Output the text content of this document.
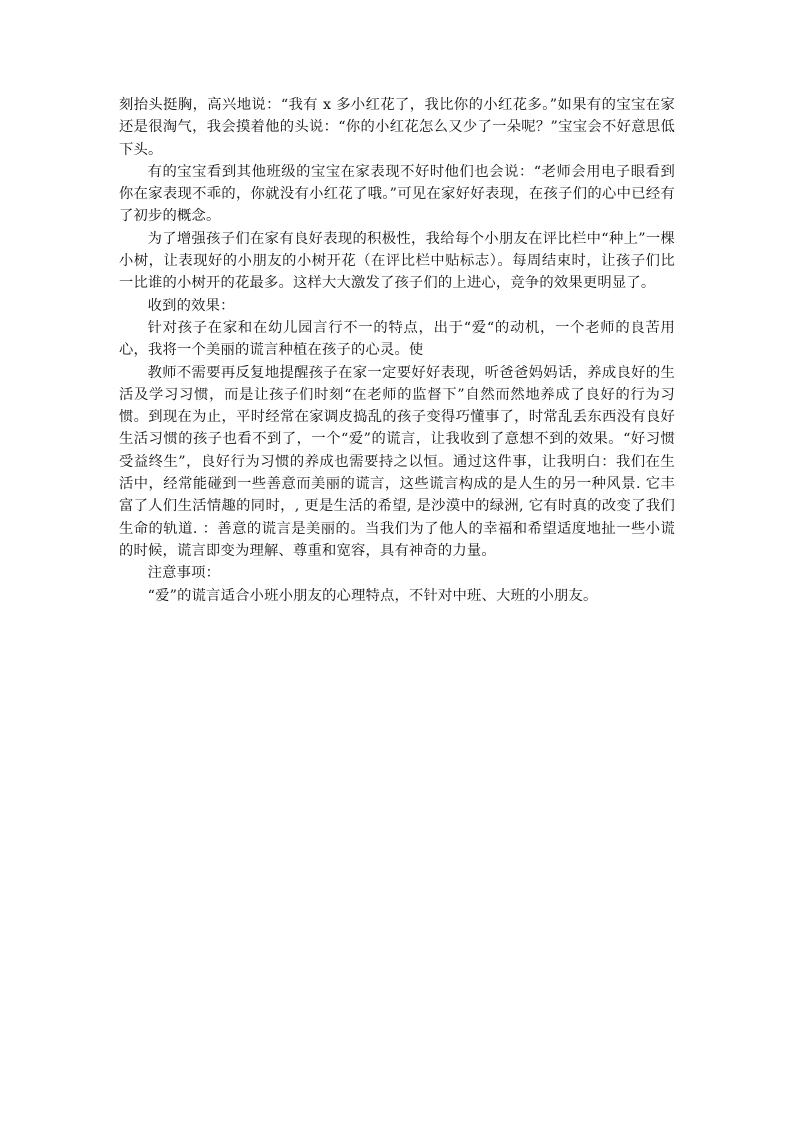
刻抬头挺胸，高兴地说：“我有 x 多小红花了，我比你的小红花多。”如果有的宝宝在家还是很淘气，我会摸着他的头说：“你的小红花怎么又少了一朵呢？”宝宝会不好意思低下头。

有的宝宝看到其他班级的宝宝在家表现不好时他们也会说：“老师会用电子眼看到你在家表现不乖的，你就没有小红花了哦。”可见在家好好表现，在孩子们的心中已经有了初步的概念。

为了增强孩子们在家有良好表现的积极性，我给每个小朋友在评比栏中“种上”一棵小树，让表现好的小朋友的小树开花（在评比栏中贴标志）。每周结束时，让孩子们比一比谁的小树开的花最多。这样大大激发了孩子们的上进心，竞争的效果更明显了。

收到的效果：

针对孩子在家和在幼儿园言行不一的特点，出于“爱“的动机，一个老师的良苦用心，我将一个美丽的谎言种植在孩子的心灵。使

教师不需要再反复地提醒孩子在家一定要好好表现，听爸爸妈妈话，养成良好的生活及学习习惯，而是让孩子们时刻“在老师的监督下”自然而然地养成了良好的行为习惯。到现在为止，平时经常在家调皮捣乱的孩子变得巧懂事了，时常乱丢东西没有良好生活习惯的孩子也看不到了，一个“爱”的谎言，让我收到了意想不到的效果。“好习惯受益终生”，良好行为习惯的养成也需要持之以恒。通过这件事，让我明白：我们在生活中，经常能碰到一些善意而美丽的谎言，这些谎言构成的是人生的另一种风景. 它丰富了人们生活情趣的同时，, 更是生活的希望, 是沙漠中的绿洲, 它有时真的改变了我们生命的轨道. ：善意的谎言是美丽的。当我们为了他人的幸福和希望适度地扯一些小谎的时候，谎言即变为理解、尊重和宽容，具有神奇的力量。

注意事项：

“爱”的谎言适合小班小朋友的心理特点，不针对中班、大班的小朋友。
